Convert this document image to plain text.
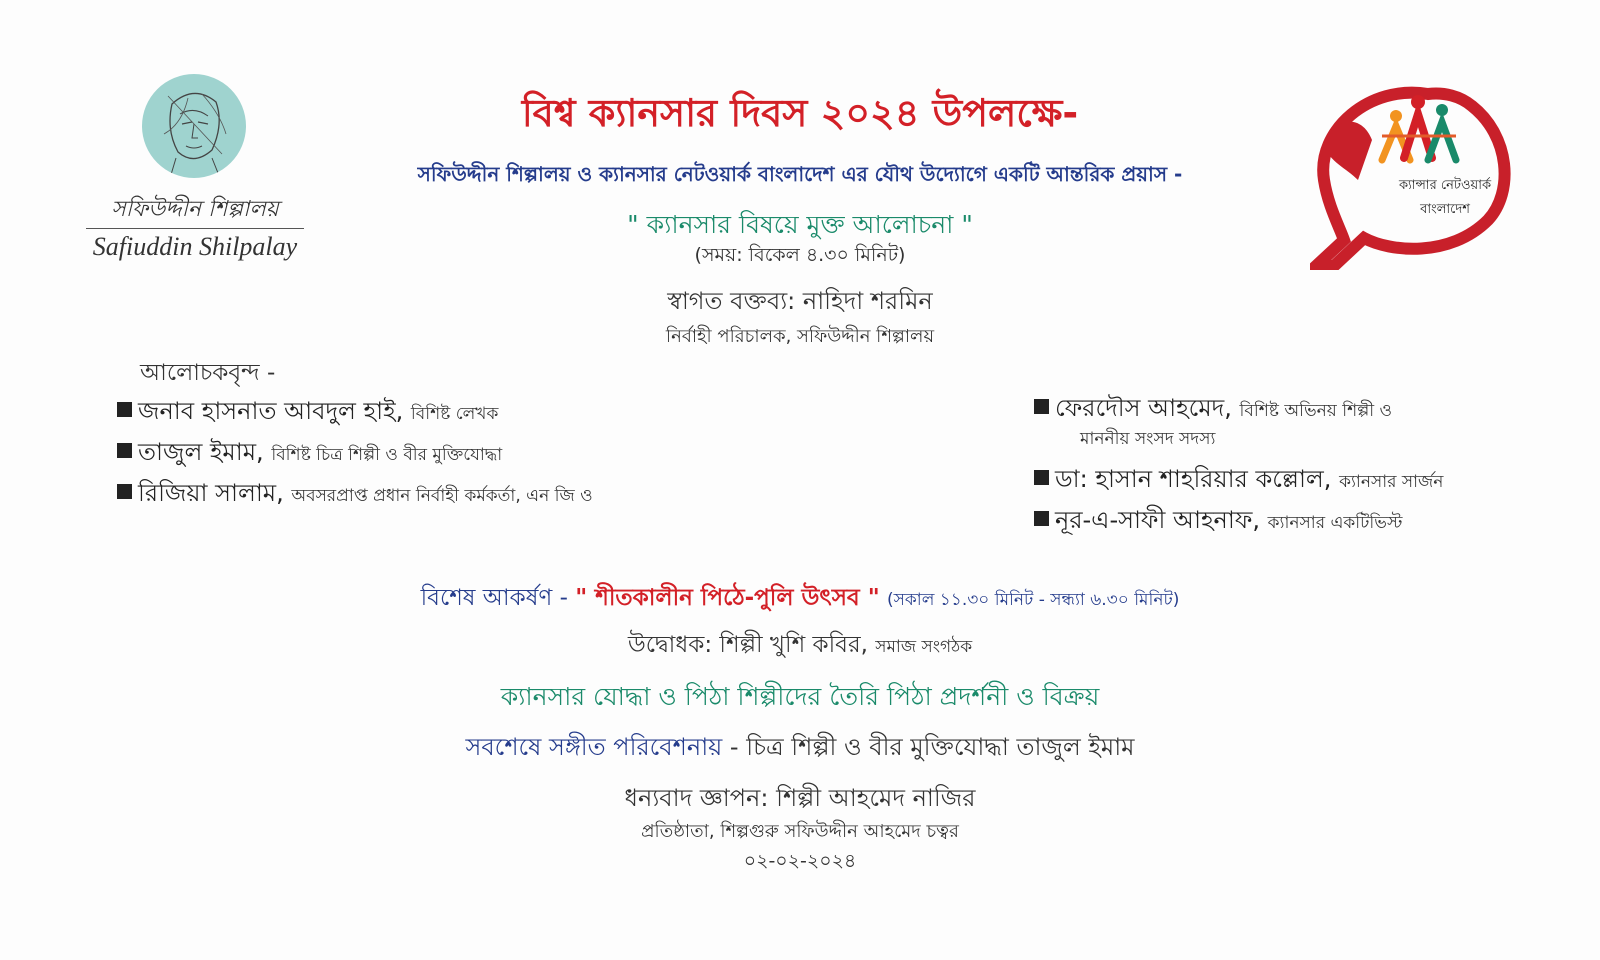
সফিউদ্দীন শিল্পালয়
Safiuddin Shilpalay
ক্যান্সার নেটওয়ার্ক
বাংলাদেশ
বিশ্ব ক্যানসার দিবস ২০২৪ উপলক্ষে-
সফিউদ্দীন শিল্পালয় ও ক্যানসার নেটওয়ার্ক বাংলাদেশ এর যৌথ উদ্যোগে একটি আন্তরিক প্রয়াস -
" ক্যানসার বিষয়ে মুক্ত আলোচনা "
(সময়: বিকেল ৪.৩০ মিনিট)
স্বাগত বক্তব্য: নাহিদা শরমিন
নির্বাহী পরিচালক, সফিউদ্দীন শিল্পালয়
আলোচকবৃন্দ -
জনাব হাসনাত আবদুল হাই, বিশিষ্ট লেখক
তাজুল ইমাম, বিশিষ্ট চিত্র শিল্পী ও বীর মুক্তিযোদ্ধা
রিজিয়া সালাম, অবসরপ্রাপ্ত প্রধান নির্বাহী কর্মকর্তা, এন জি ও
ফেরদৌস আহমেদ, বিশিষ্ট অভিনয় শিল্পী ও
মাননীয় সংসদ সদস্য
ডা: হাসান শাহরিয়ার কল্লোল, ক্যানসার সার্জন
নূর-এ-সাফী আহনাফ, ক্যানসার একটিভিস্ট
বিশেষ আকর্ষণ - " শীতকালীন পিঠে-পুলি উৎসব " (সকাল ১১.৩০ মিনিট - সন্ধ্যা ৬.৩০ মিনিট)
উদ্বোধক: শিল্পী খুশি কবির, সমাজ সংগঠক
ক্যানসার যোদ্ধা ও পিঠা শিল্পীদের তৈরি পিঠা প্রদর্শনী ও বিক্রয়
সবশেষে সঙ্গীত পরিবেশনায় - চিত্র শিল্পী ও বীর মুক্তিযোদ্ধা তাজুল ইমাম
ধন্যবাদ জ্ঞাপন: শিল্পী আহমেদ নাজির
প্রতিষ্ঠাতা, শিল্পগুরু সফিউদ্দীন আহমেদ চত্বর
০২-০২-২০২৪
